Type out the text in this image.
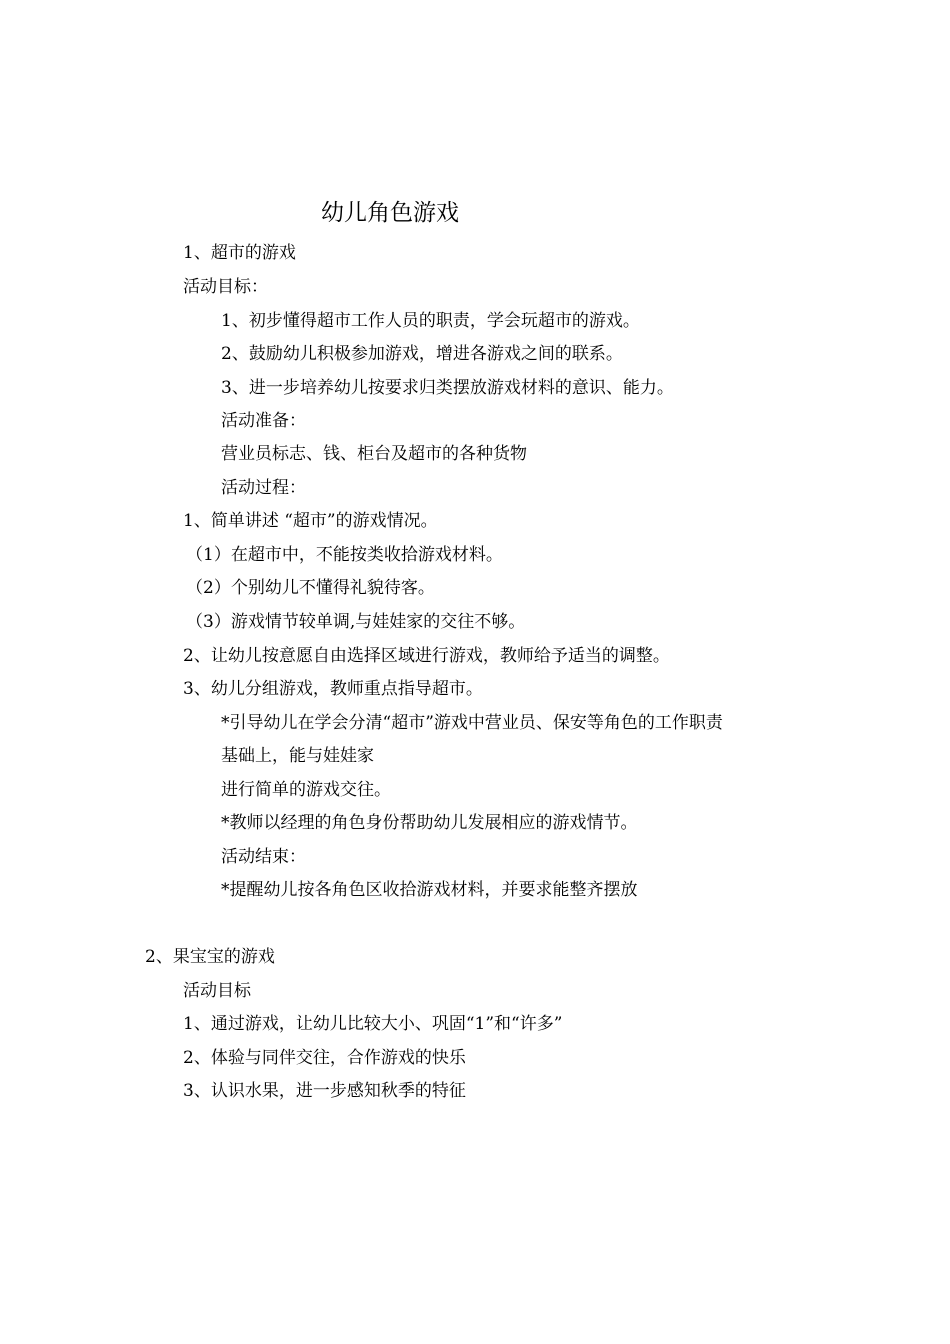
幼儿角色游戏
1、超市的游戏
活动目标：
1、初步懂得超市工作人员的职责，学会玩超市的游戏。
2、鼓励幼儿积极参加游戏，增进各游戏之间的联系。
3、进一步培养幼儿按要求归类摆放游戏材料的意识、能力。
活动准备：
营业员标志、钱、柜台及超市的各种货物
活动过程：
1、简单讲述 “超市”的游戏情况。
（1）在超市中，不能按类收拾游戏材料。
（2）个别幼儿不懂得礼貌待客。
（3）游戏情节较单调,与娃娃家的交往不够。
2、让幼儿按意愿自由选择区域进行游戏，教师给予适当的调整。
3、幼儿分组游戏，教师重点指导超市。
*引导幼儿在学会分清“超市”游戏中营业员、保安等角色的工作职责
基础上，能与娃娃家
进行简单的游戏交往。
*教师以经理的角色身份帮助幼儿发展相应的游戏情节。
活动结束：
*提醒幼儿按各角色区收拾游戏材料，并要求能整齐摆放
2、果宝宝的游戏
活动目标
1、通过游戏，让幼儿比较大小、巩固“1”和“许多”
2、体验与同伴交往，合作游戏的快乐
3、认识水果，进一步感知秋季的特征
